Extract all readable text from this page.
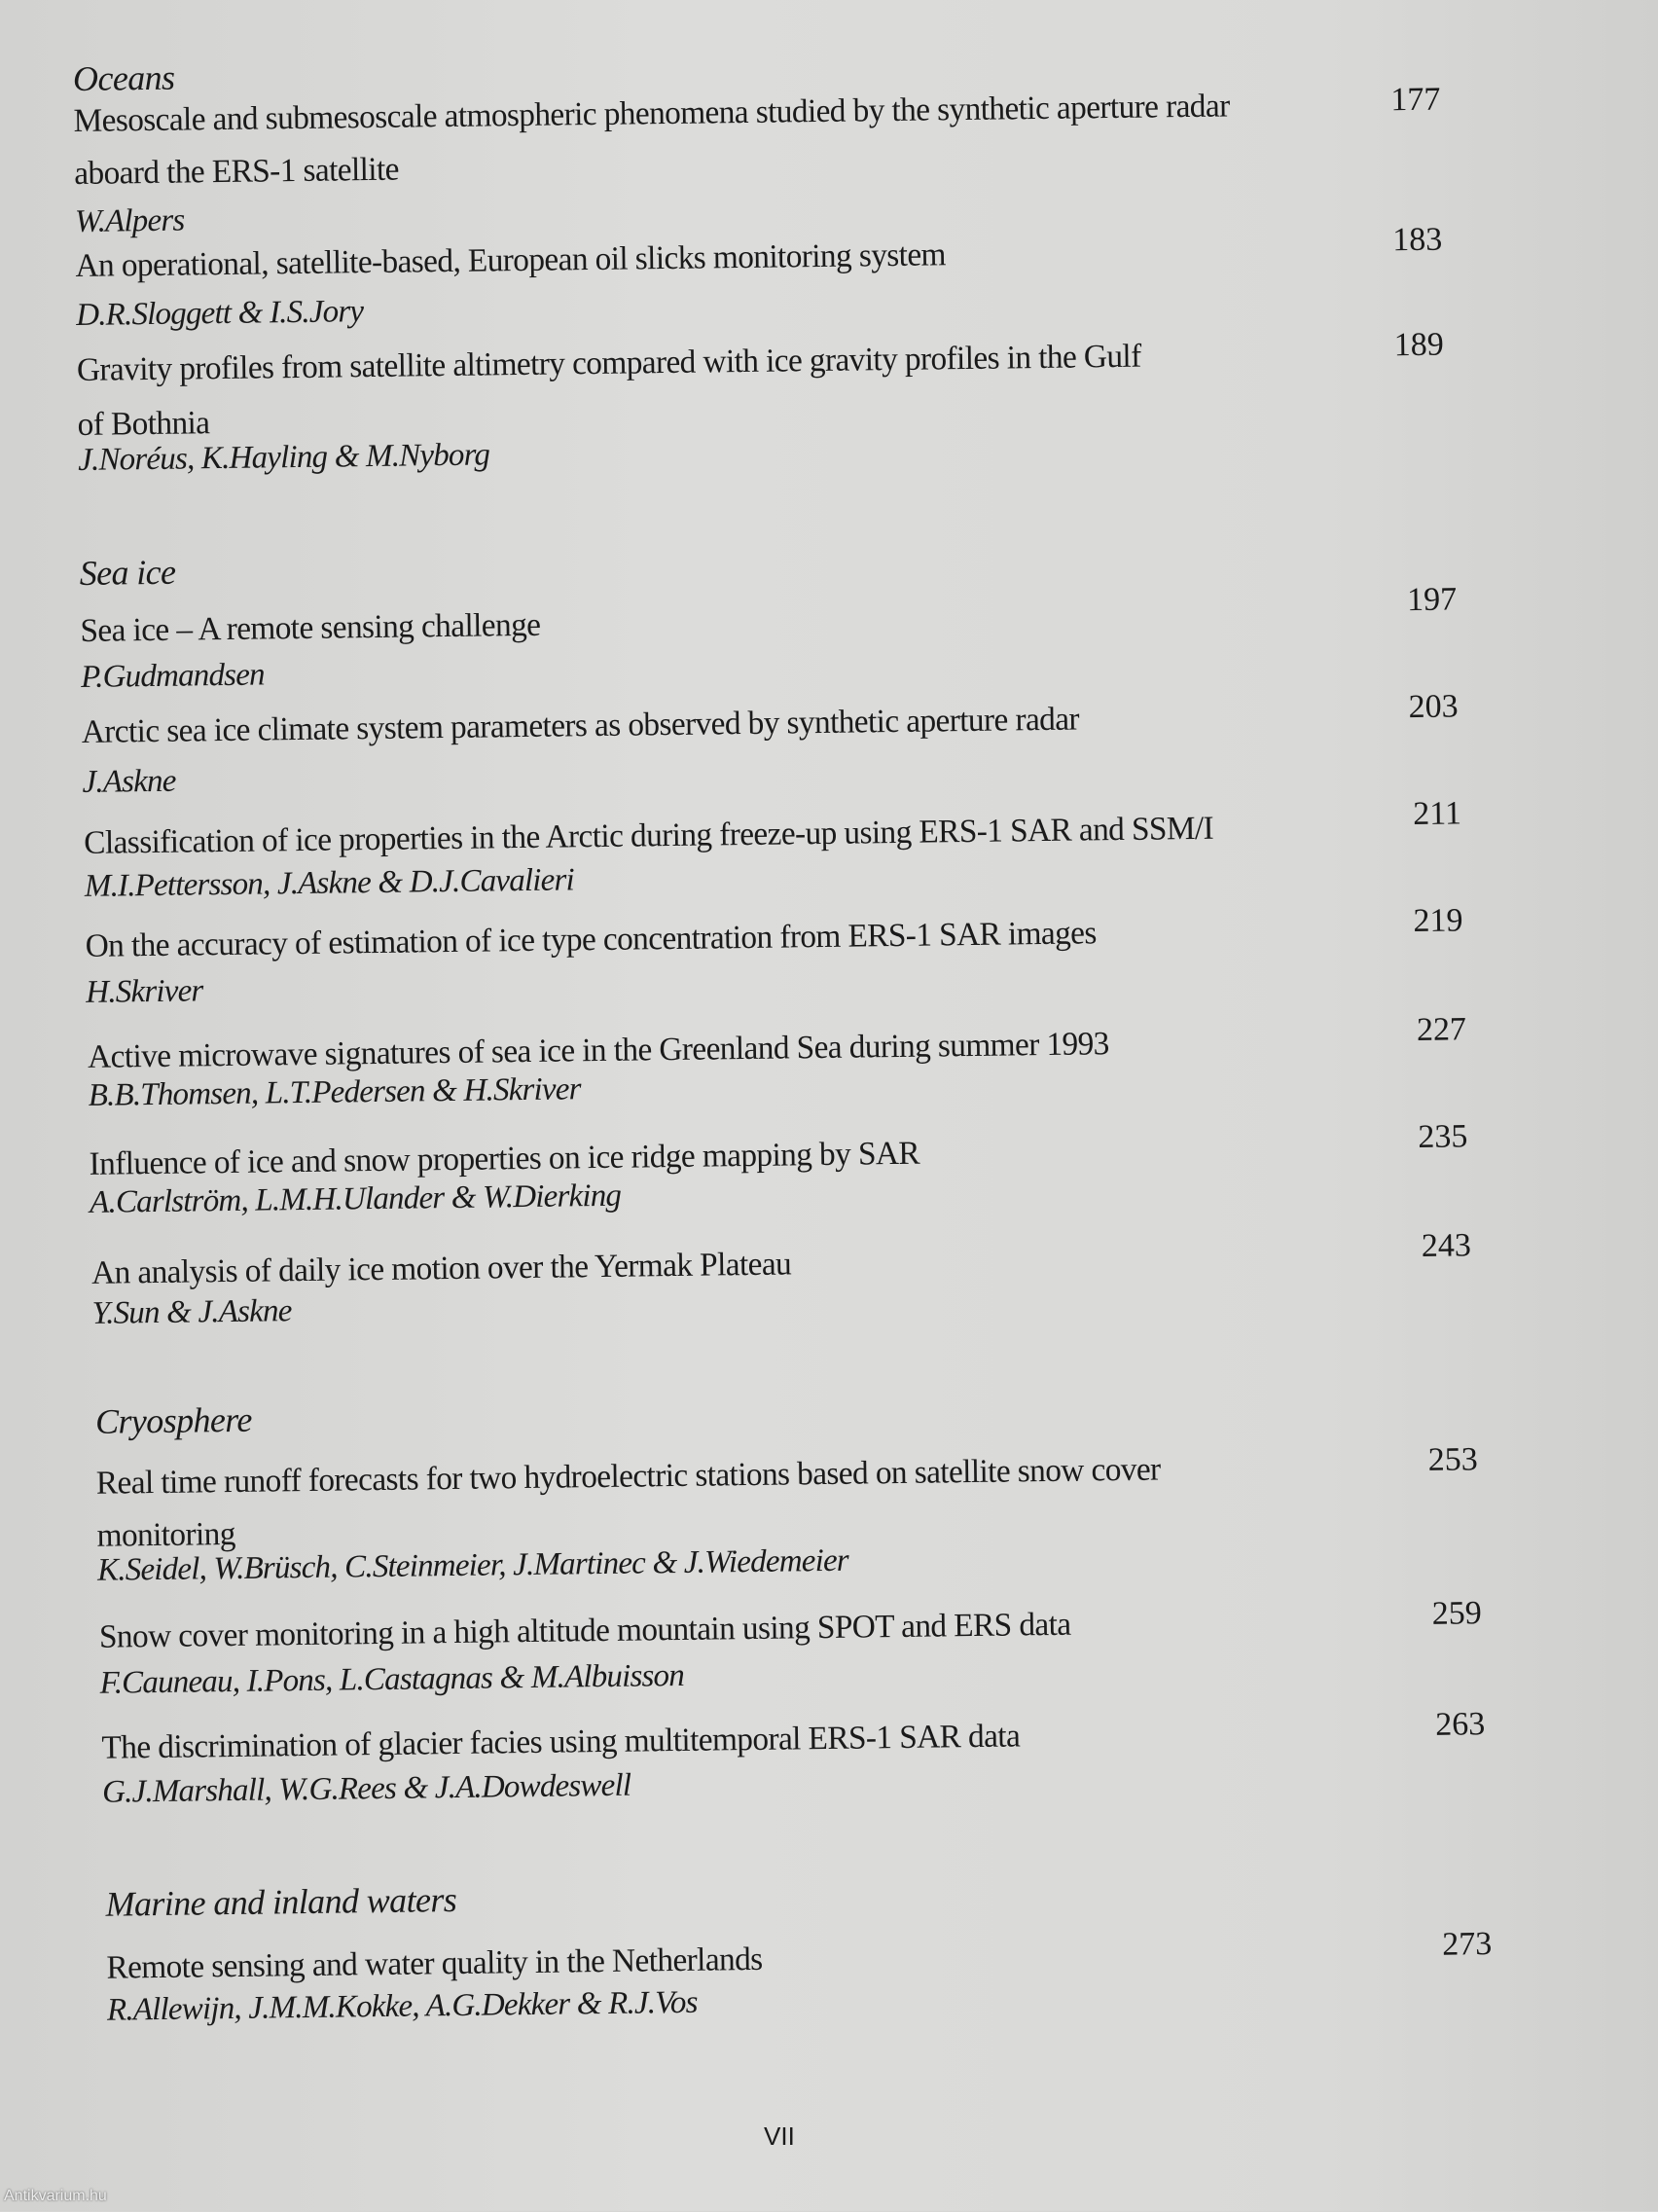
Oceans
Mesoscale and submesoscale atmospheric phenomena studied by the synthetic aperture radar
aboard the ERS-1 satellite
W.Alpers
177
An operational, satellite-based, European oil slicks monitoring system
D.R.Sloggett & I.S.Jory
183
Gravity profiles from satellite altimetry compared with ice gravity profiles in the Gulf
of Bothnia
J.Noréus, K.Hayling & M.Nyborg
189
Sea ice
Sea ice – A remote sensing challenge
P.Gudmandsen
197
Arctic sea ice climate system parameters as observed by synthetic aperture radar
J.Askne
203
Classification of ice properties in the Arctic during freeze-up using ERS-1 SAR and SSM/I
M.I.Pettersson, J.Askne & D.J.Cavalieri
211
On the accuracy of estimation of ice type concentration from ERS-1 SAR images
H.Skriver
219
Active microwave signatures of sea ice in the Greenland Sea during summer 1993
B.B.Thomsen, L.T.Pedersen & H.Skriver
227
Influence of ice and snow properties on ice ridge mapping by SAR
A.Carlström, L.M.H.Ulander & W.Dierking
235
An analysis of daily ice motion over the Yermak Plateau
Y.Sun & J.Askne
243
Cryosphere
Real time runoff forecasts for two hydroelectric stations based on satellite snow cover
monitoring
K.Seidel, W.Brüsch, C.Steinmeier, J.Martinec & J.Wiedemeier
253
Snow cover monitoring in a high altitude mountain using SPOT and ERS data
F.Cauneau, I.Pons, L.Castagnas & M.Albuisson
259
The discrimination of glacier facies using multitemporal ERS-1 SAR data
G.J.Marshall, W.G.Rees & J.A.Dowdeswell
263
Marine and inland waters
Remote sensing and water quality in the Netherlands
R.Allewijn, J.M.M.Kokke, A.G.Dekker & R.J.Vos
273
VII
Antikvarium.hu
